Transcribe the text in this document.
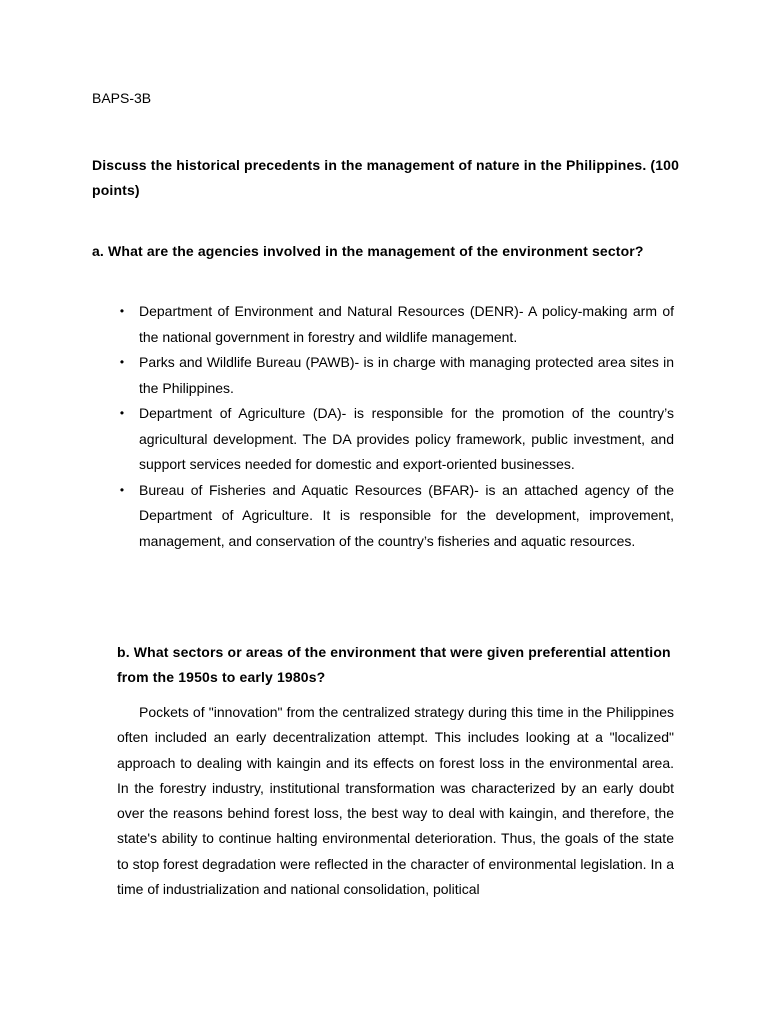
BAPS-3B
Discuss the historical precedents in the management of nature in the Philippines. (100 points)
a. What are the agencies involved in the management of the environment sector?
• Department of Environment and Natural Resources (DENR)- A policy-making arm of the national government in forestry and wildlife management.
• Parks and Wildlife Bureau (PAWB)- is in charge with managing protected area sites in the Philippines.
• Department of Agriculture (DA)- is responsible for the promotion of the country’s agricultural development. The DA provides policy framework, public investment, and support services needed for domestic and export-oriented businesses.
• Bureau of Fisheries and Aquatic Resources (BFAR)- is an attached agency of the Department of Agriculture. It is responsible for the development, improvement, management, and conservation of the country’s fisheries and aquatic resources.
b. What sectors or areas of the environment that were given preferential attention from the 1950s to early 1980s?

Pockets of "innovation" from the centralized strategy during this time in the Philippines often included an early decentralization attempt. This includes looking at a "localized" approach to dealing with kaingin and its effects on forest loss in the environmental area. In the forestry industry, institutional transformation was characterized by an early doubt over the reasons behind forest loss, the best way to deal with kaingin, and therefore, the state's ability to continue halting environmental deterioration. Thus, the goals of the state to stop forest degradation were reflected in the character of environmental legislation. In a time of industrialization and national consolidation, political
